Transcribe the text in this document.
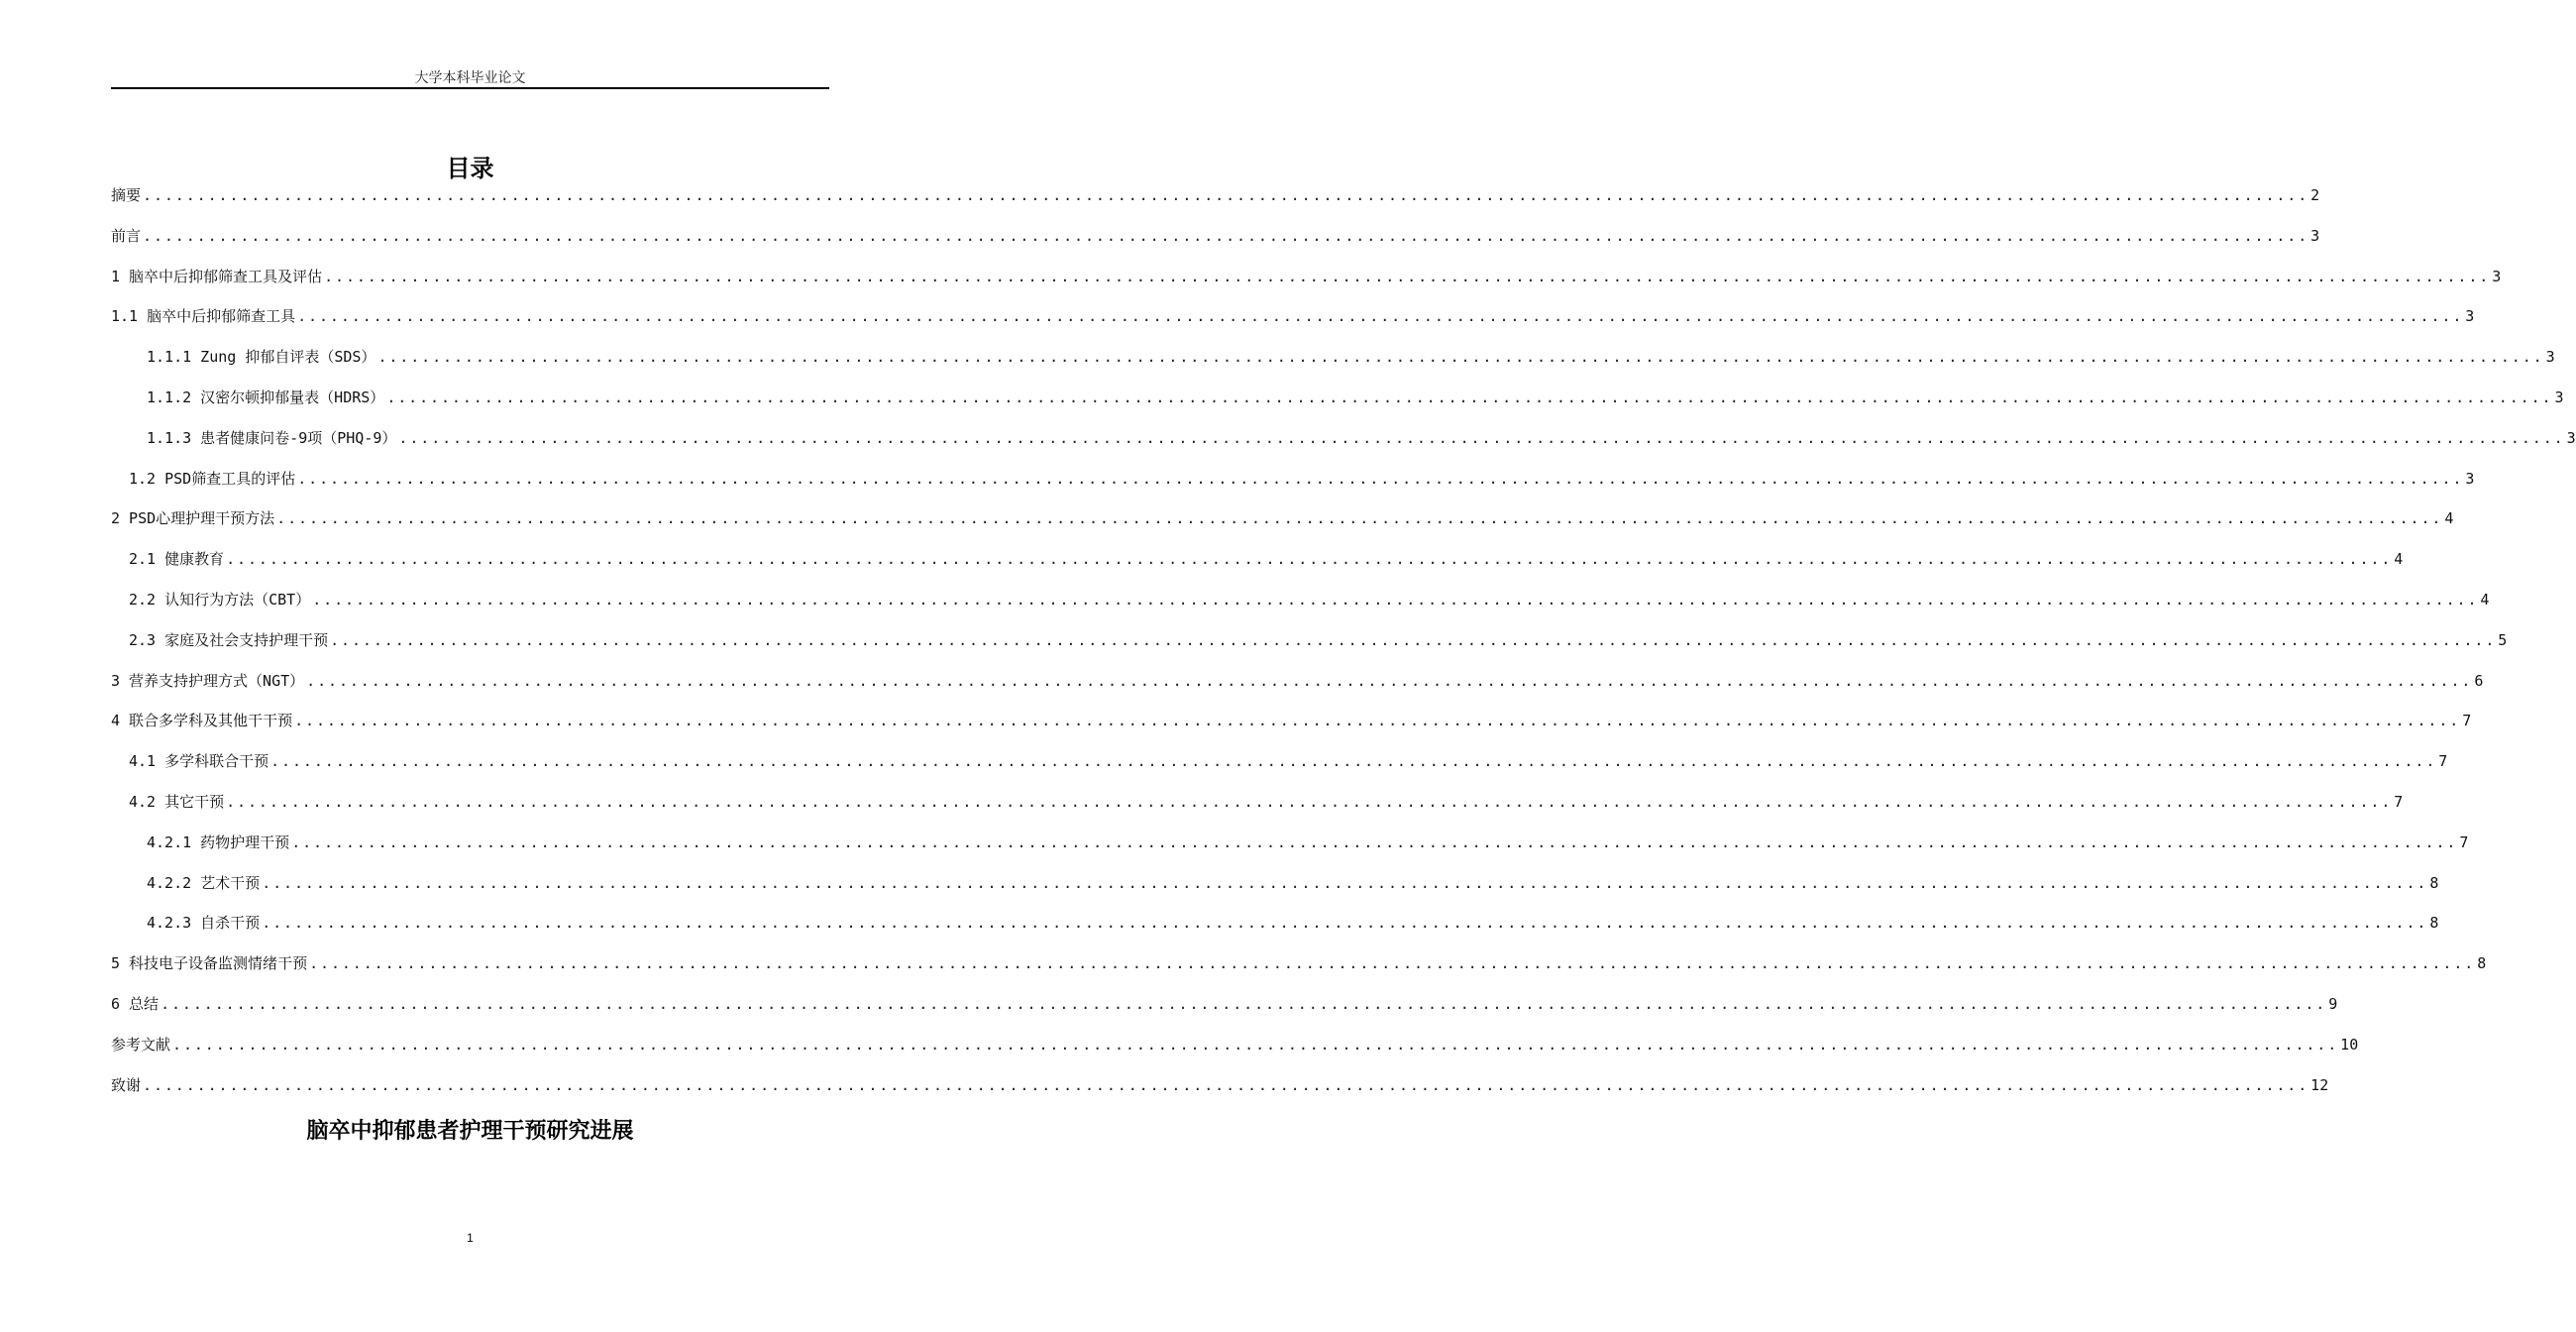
大学本科毕业论文
目录
摘要 ........................................................................................................................................................................................................ 2
前言 ........................................................................................................................................................................................................ 3
1 脑卒中后抑郁筛查工具及评估 ........................................................................................................................................................................................................ 3
1.1 脑卒中后抑郁筛查工具 ........................................................................................................................................................................................................ 3
1.1.1 Zung 抑郁自评表（SDS） ........................................................................................................................................................................................................ 3
1.1.2 汉密尔顿抑郁量表（HDRS） ........................................................................................................................................................................................................ 3
1.1.3 患者健康问卷-9项（PHQ-9） ........................................................................................................................................................................................................ 3
1.2 PSD筛查工具的评估 ........................................................................................................................................................................................................ 3
2 PSD心理护理干预方法 ........................................................................................................................................................................................................ 4
2.1 健康教育 ........................................................................................................................................................................................................ 4
2.2 认知行为方法（CBT） ........................................................................................................................................................................................................ 4
2.3 家庭及社会支持护理干预 ........................................................................................................................................................................................................ 5
3 营养支持护理方式（NGT） ........................................................................................................................................................................................................ 6
4 联合多学科及其他干干预 ........................................................................................................................................................................................................ 7
4.1 多学科联合干预 ........................................................................................................................................................................................................ 7
4.2 其它干预 ........................................................................................................................................................................................................ 7
4.2.1 药物护理干预 ........................................................................................................................................................................................................ 7
4.2.2 艺术干预 ........................................................................................................................................................................................................ 8
4.2.3 自杀干预 ........................................................................................................................................................................................................ 8
5 科技电子设备监测情绪干预 ........................................................................................................................................................................................................ 8
6 总结 ........................................................................................................................................................................................................ 9
参考文献 ........................................................................................................................................................................................................ 10
致谢 ........................................................................................................................................................................................................ 12
脑卒中抑郁患者护理干预研究进展
1
